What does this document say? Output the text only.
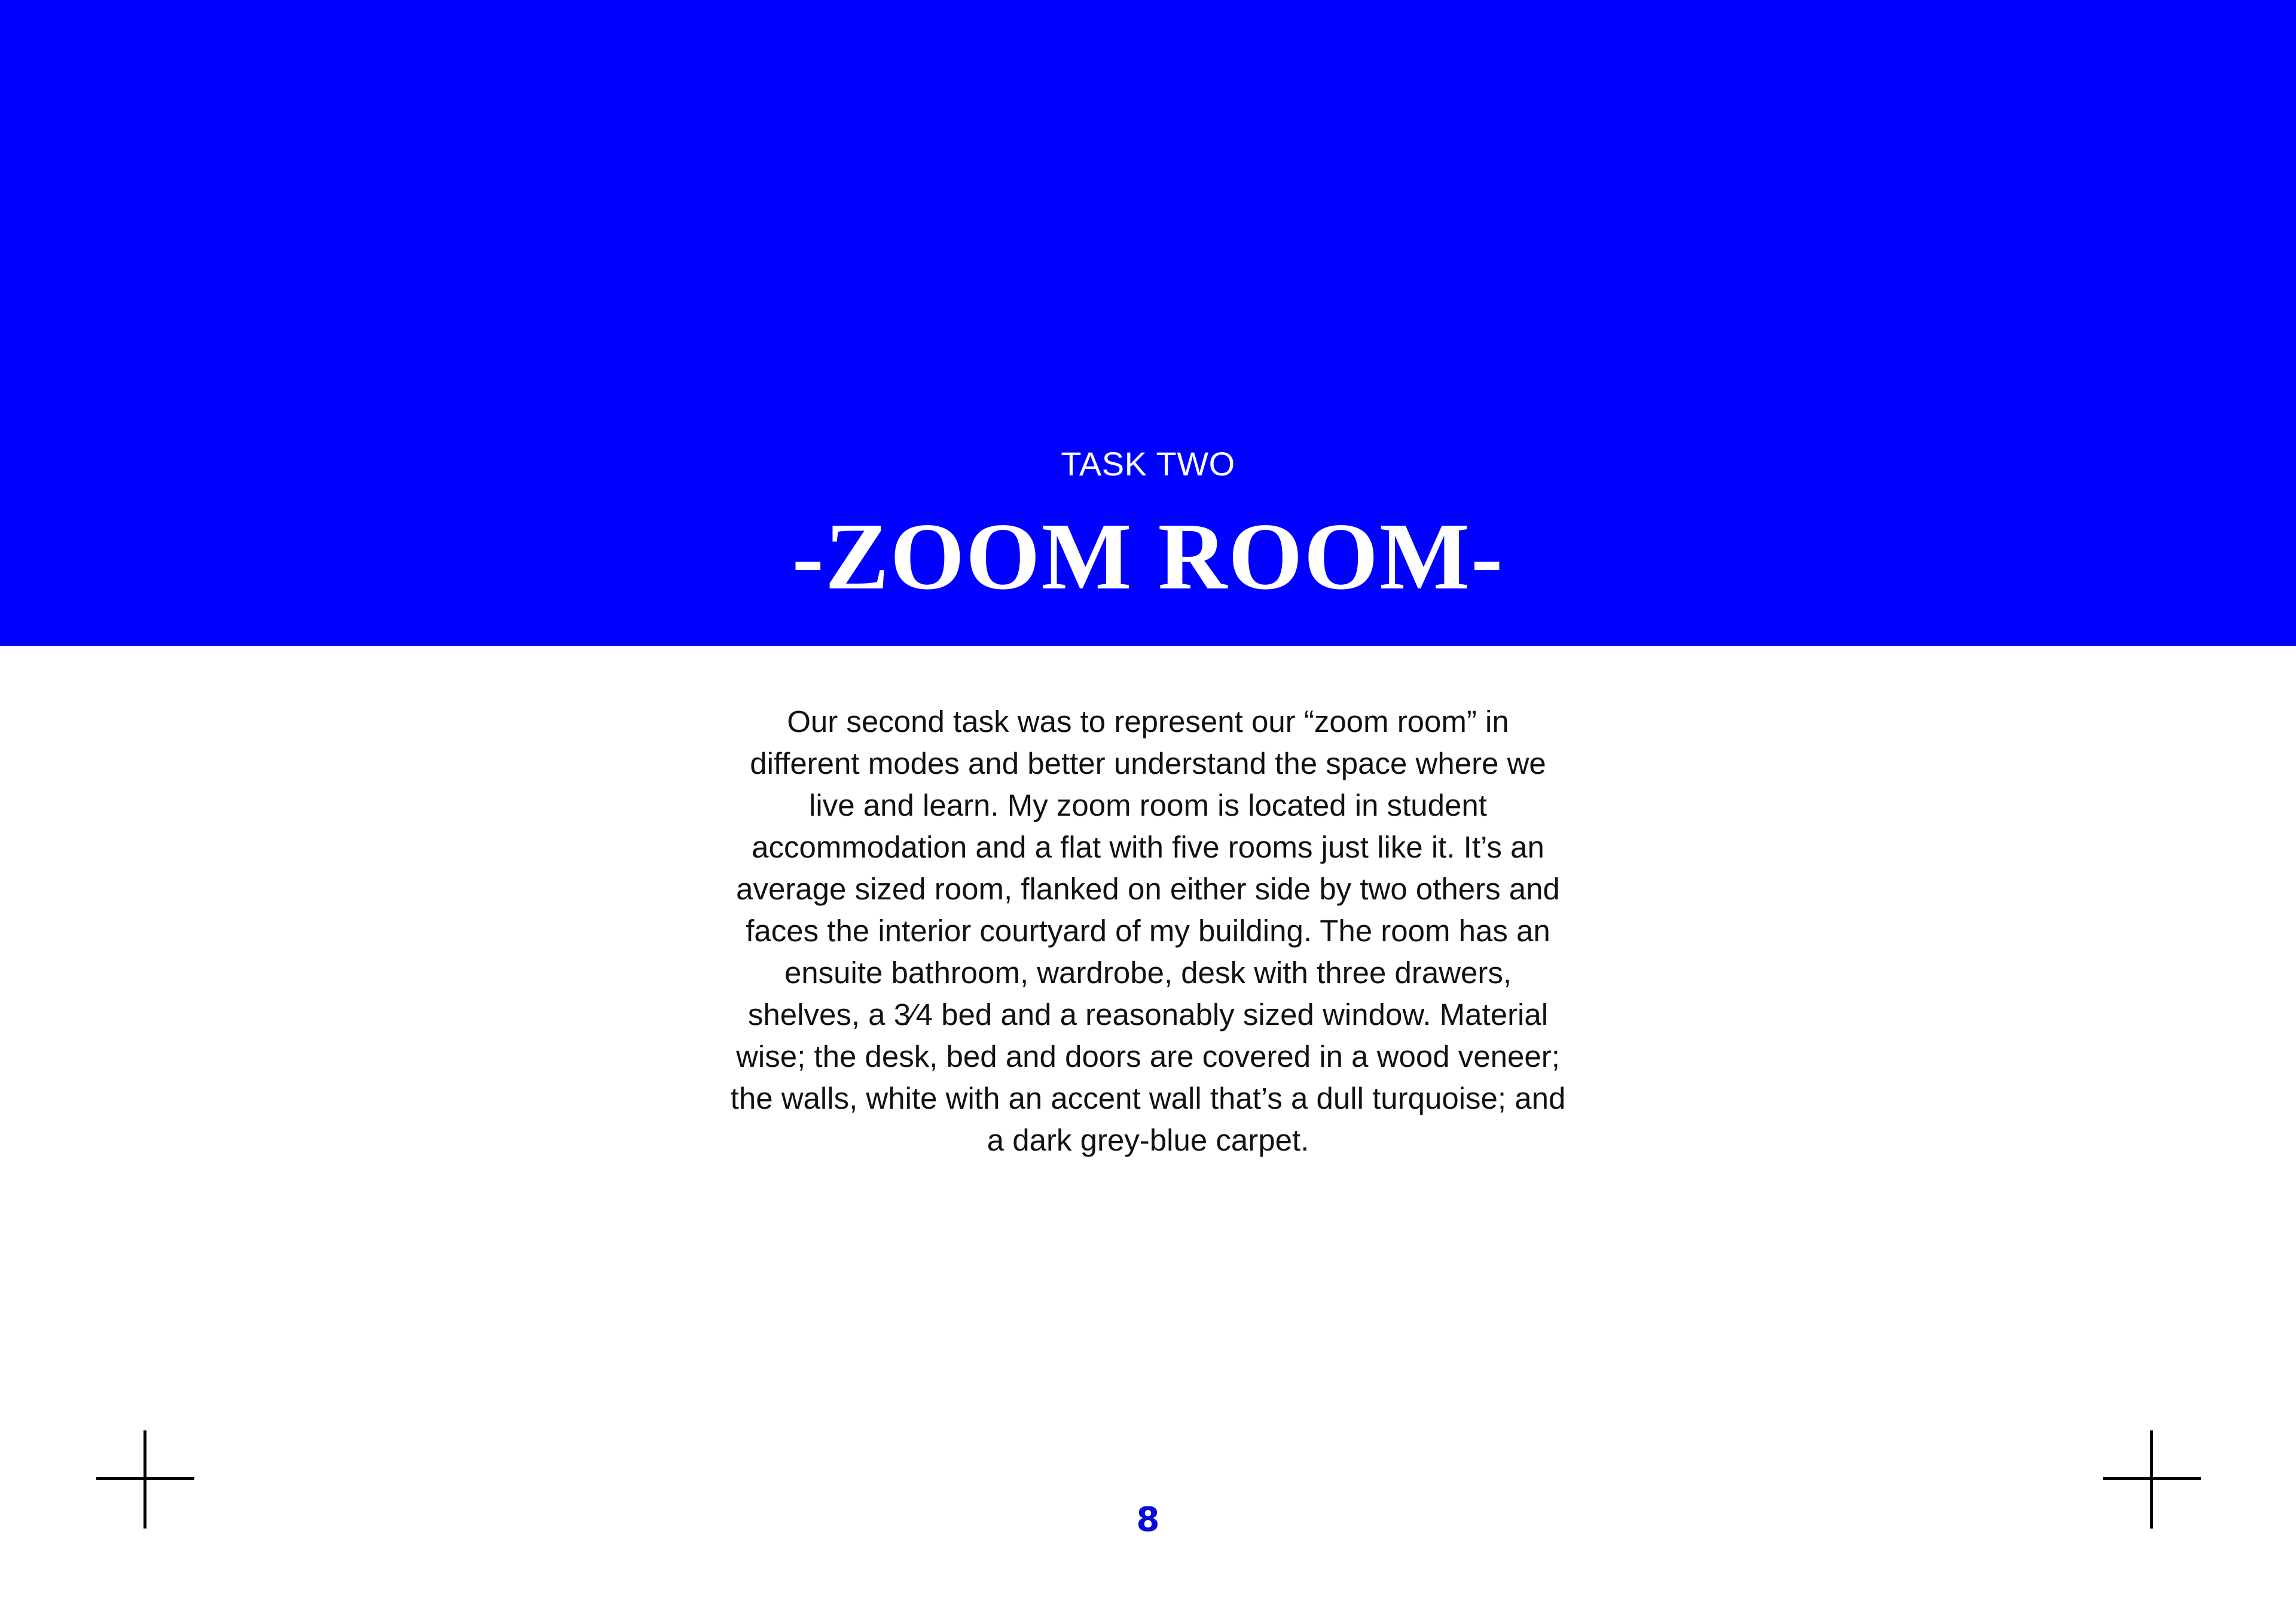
TASK TWO
-ZOOM ROOM-

Our second task was to represent our “zoom room” in different modes and better understand the space where we live and learn. My zoom room is located in student accommodation and a flat with five rooms just like it. It’s an average sized room, flanked on either side by two others and faces the interior courtyard of my building. The room has an ensuite bathroom, wardrobe, desk with three drawers, shelves, a 3⁄4 bed and a reasonably sized window. Material wise; the desk, bed and doors are covered in a wood veneer; the walls, white with an accent wall that’s a dull turquoise; and a dark grey-blue carpet.

8
